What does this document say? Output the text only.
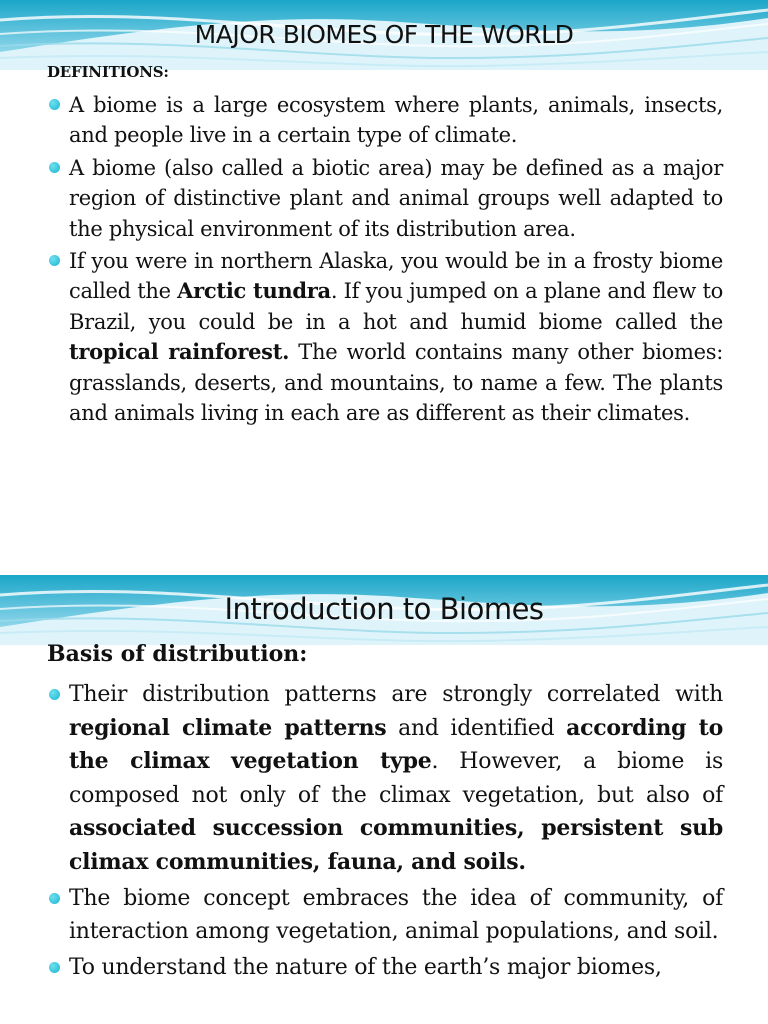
MAJOR BIOMES OF THE WORLD
DEFINITIONS:
A biome is a large ecosystem where plants, animals, insects, and people live in a certain type of climate.
A biome (also called a biotic area) may be defined as a major region of distinctive plant and animal groups well adapted to the physical environment of its distribution area.
If you were in northern Alaska, you would be in a frosty biome called the Arctic tundra. If you jumped on a plane and flew to Brazil, you could be in a hot and humid biome called the tropical rainforest. The world contains many other biomes: grasslands, deserts, and mountains, to name a few. The plants and animals living in each are as different as their climates.
Introduction to Biomes
Basis of distribution:
Their distribution patterns are strongly correlated with regional climate patterns and identified according to the climax vegetation type. However, a biome is composed not only of the climax vegetation, but also of associated succession communities, persistent sub climax communities, fauna, and soils.
The biome concept embraces the idea of community, of interaction among vegetation, animal populations, and soil.
To understand the nature of the earth’s major biomes,
